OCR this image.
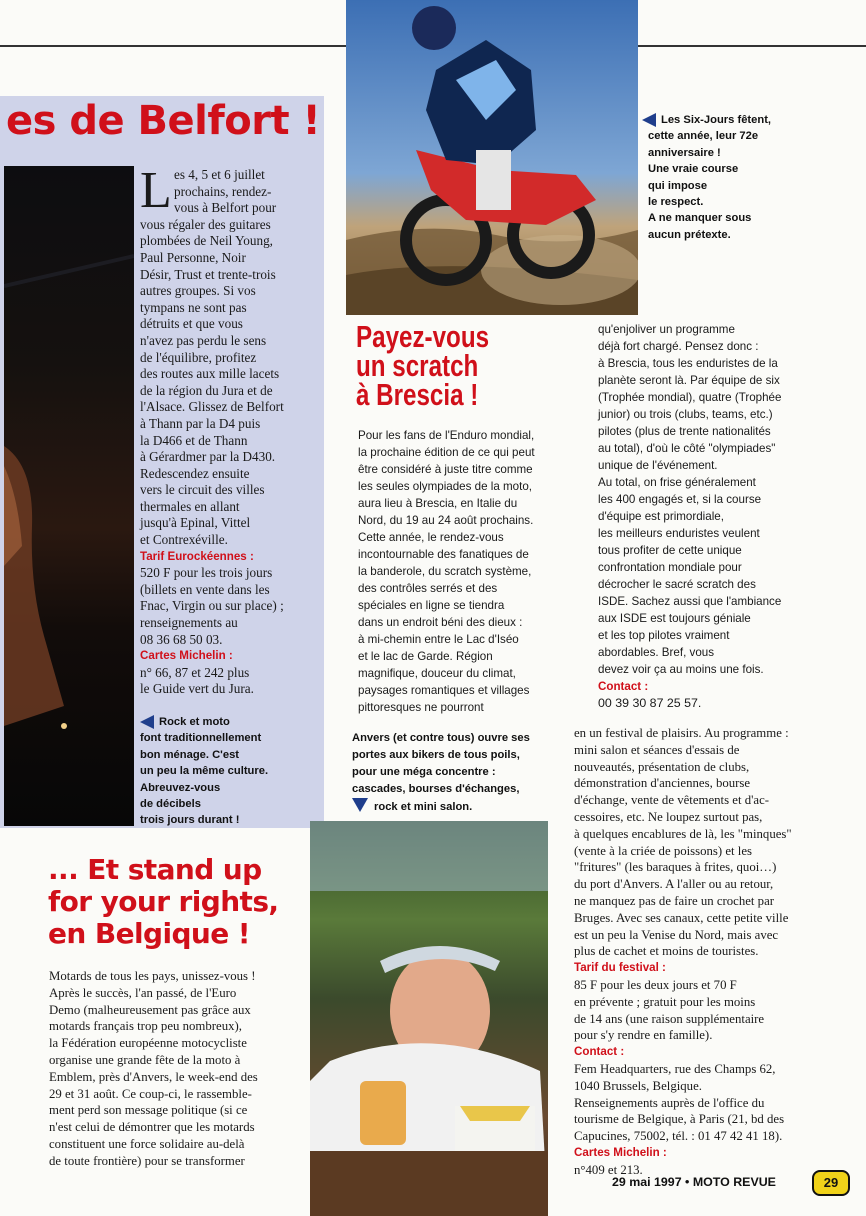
es de Belfort !
L es 4, 5 et 6 juillet
prochains, rendez-
vous à Belfort pour
vous régaler des guitares
plombées de Neil Young,
Paul Personne, Noir
Désir, Trust et trente-trois
autres groupes. Si vos
tympans ne sont pas
détruits et que vous
n'avez pas perdu le sens
de l'équilibre, profitez
des routes aux mille lacets
de la région du Jura et de
l'Alsace. Glissez de Belfort
à Thann par la D4 puis
la D466 et de Thann
à Gérardmer par la D430.
Redescendez ensuite
vers le circuit des villes
thermales en allant
jusqu'à Epinal, Vittel
et Contrexéville.
Tarif Eurockéennes :
520 F pour les trois jours
(billets en vente dans les
Fnac, Virgin ou sur place) ;
renseignements au
08 36 68 50 03.
Cartes Michelin :
n° 66, 87 et 242 plus
le Guide vert du Jura.
Rock et moto
font traditionnellement
bon ménage. C'est
un peu la même culture.
Abreuvez-vous
de décibels
trois jours durant !
Les Six-Jours fêtent,
cette année, leur 72e
anniversaire !
Une vraie course
qui impose
le respect.
A ne manquer sous
aucun prétexte.
Payez-vous
un scratch
à Brescia !
Pour les fans de l'Enduro mondial,
la prochaine édition de ce qui peut
être considéré à juste titre comme
les seules olympiades de la moto,
aura lieu à Brescia, en Italie du
Nord, du 19 au 24 août prochains.
Cette année, le rendez-vous
incontournable des fanatiques de
la banderole, du scratch système,
des contrôles serrés et des
spéciales en ligne se tiendra
dans un endroit béni des dieux :
à mi-chemin entre le Lac d'Iséo
et le lac de Garde. Région
magnifique, douceur du climat,
paysages romantiques et villages
pittoresques ne pourront
qu'enjoliver un programme
déjà fort chargé. Pensez donc :
à Brescia, tous les enduristes de la
planète seront là. Par équipe de six
(Trophée mondial), quatre (Trophée
junior) ou trois (clubs, teams, etc.)
pilotes (plus de trente nationalités
au total), d'où le côté "olympiades"
unique de l'événement.
Au total, on frise généralement
les 400 engagés et, si la course
d'équipe est primordiale,
les meilleurs enduristes veulent
tous profiter de cette unique
confrontation mondiale pour
décrocher le sacré scratch des
ISDE. Sachez aussi que l'ambiance
aux ISDE est toujours géniale
et les top pilotes vraiment
abordables. Bref, vous
devez voir ça au moins une fois.
Contact :
00 39 30 87 25 57.
Anvers (et contre tous) ouvre ses
portes aux bikers de tous poils,
pour une méga concentre :
cascades, bourses d'échanges,
rock et mini salon.
... Et stand up
for your rights,
en Belgique !
Motards de tous les pays, unissez-vous !
Après le succès, l'an passé, de l'Euro
Demo (malheureusement pas grâce aux
motards français trop peu nombreux),
la Fédération européenne motocycliste
organise une grande fête de la moto à
Emblem, près d'Anvers, le week-end des
29 et 31 août. Ce coup-ci, le rassemble-
ment perd son message politique (si ce
n'est celui de démontrer que les motards
constituent une force solidaire au-delà
de toute frontière) pour se transformer
en un festival de plaisirs. Au programme :
mini salon et séances d'essais de
nouveautés, présentation de clubs,
démonstration d'anciennes, bourse
d'échange, vente de vêtements et d'ac-
cessoires, etc. Ne loupez surtout pas,
à quelques encablures de là, les "minques"
(vente à la criée de poissons) et les
"fritures" (les baraques à frites, quoi…)
du port d'Anvers. A l'aller ou au retour,
ne manquez pas de faire un crochet par
Bruges. Avec ses canaux, cette petite ville
est un peu la Venise du Nord, mais avec
plus de cachet et moins de touristes.
Tarif du festival :
85 F pour les deux jours et 70 F
en prévente ; gratuit pour les moins
de 14 ans (une raison supplémentaire
pour s'y rendre en famille).
Contact :
Fem Headquarters, rue des Champs 62,
1040 Brussels, Belgique.
Renseignements auprès de l'office du
tourisme de Belgique, à Paris (21, bd des
Capucines, 75002, tél. : 01 47 42 41 18).
Cartes Michelin :
n°409 et 213.
29 mai 1997 • MOTO REVUE	29
